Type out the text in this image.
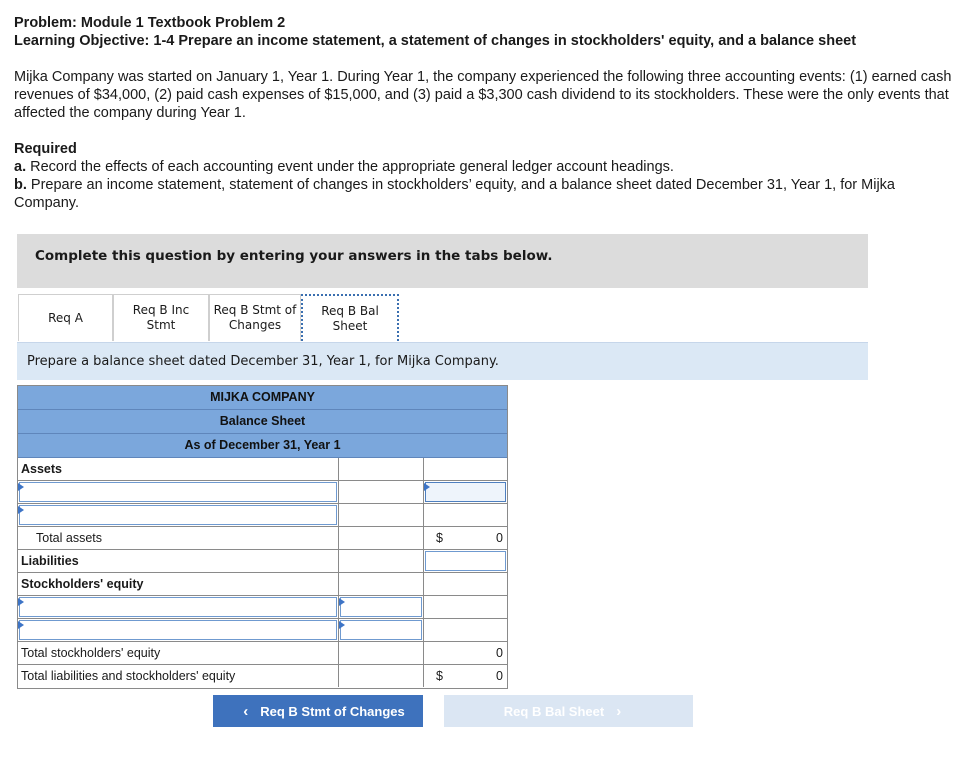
Problem: Module 1 Textbook Problem 2
Learning Objective: 1-4 Prepare an income statement, a statement of changes in stockholders' equity, and a balance sheet
Mijka Company was started on January 1, Year 1. During Year 1, the company experienced the following three accounting events: (1) earned cash revenues of $34,000, (2) paid cash expenses of $15,000, and (3) paid a $3,300 cash dividend to its stockholders. These were the only events that affected the company during Year 1.
Required
a. Record the effects of each accounting event under the appropriate general ledger account headings.
b. Prepare an income statement, statement of changes in stockholders’ equity, and a balance sheet dated December 31, Year 1, for Mijka Company.
Complete this question by entering your answers in the tabs below.
Req A
Req B Inc
Stmt
Req B Stmt of
Changes
Req B Bal
Sheet
Prepare a balance sheet dated December 31, Year 1, for Mijka Company.
MIJKA COMPANY
Balance Sheet
As of December 31, Year 1
Assets
Total assets	$	0
Liabilities
Stockholders' equity
Total stockholders' equity	0
Total liabilities and stockholders' equity	$	0
‹ Req B Stmt of Changes	Req B Bal Sheet ›
